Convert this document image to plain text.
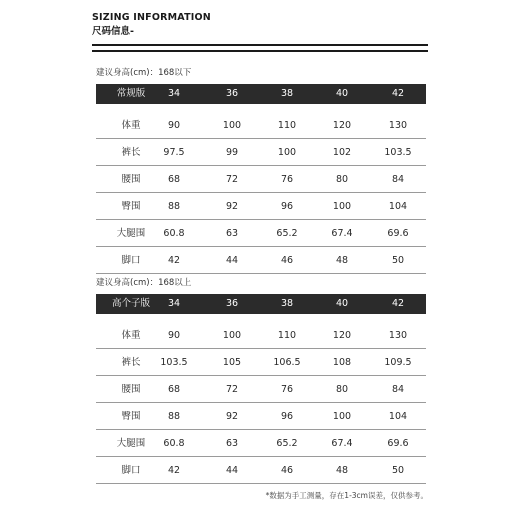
SIZING INFORMATION
尺码信息-
建议身高(cm)：168以下
常规版	34	36	38	40	42
体重	90	100	110	120	130
裤长	97.5	99	100	102	103.5
腰围	68	72	76	80	84
臀围	88	92	96	100	104
大腿围	60.8	63	65.2	67.4	69.6
脚口	42	44	46	48	50
建议身高(cm)：168以上
高个子版	34	36	38	40	42
体重	90	100	110	120	130
裤长	103.5	105	106.5	108	109.5
腰围	68	72	76	80	84
臀围	88	92	96	100	104
大腿围	60.8	63	65.2	67.4	69.6
脚口	42	44	46	48	50
*数据为手工测量，存在1-3cm误差，仅供参考。
